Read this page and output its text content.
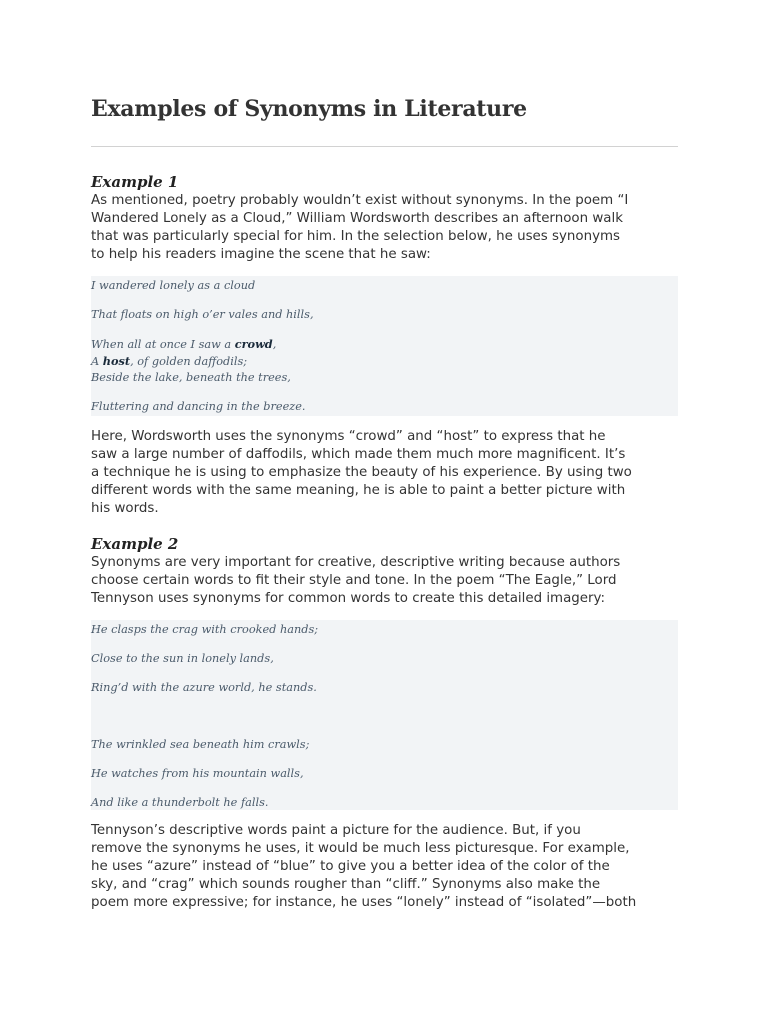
Examples of Synonyms in Literature
Example 1

As mentioned, poetry probably wouldn’t exist without synonyms. In the poem “I
Wandered Lonely as a Cloud,” William Wordsworth describes an afternoon walk
that was particularly special for him. In the selection below, he uses synonyms
to help his readers imagine the scene that he saw:

I wandered lonely as a cloud
That floats on high o’er vales and hills,
When all at once I saw a crowd,
A host, of golden daffodils;
Beside the lake, beneath the trees,
Fluttering and dancing in the breeze.

Here, Wordsworth uses the synonyms “crowd” and “host” to express that he
saw a large number of daffodils, which made them much more magnificent. It’s
a technique he is using to emphasize the beauty of his experience. By using two
different words with the same meaning, he is able to paint a better picture with
his words.

Example 2

Synonyms are very important for creative, descriptive writing because authors
choose certain words to fit their style and tone. In the poem “The Eagle,” Lord
Tennyson uses synonyms for common words to create this detailed imagery:

He clasps the crag with crooked hands;
Close to the sun in lonely lands,
Ring’d with the azure world, he stands.
The wrinkled sea beneath him crawls;
He watches from his mountain walls,
And like a thunderbolt he falls.

Tennyson’s descriptive words paint a picture for the audience. But, if you
remove the synonyms he uses, it would be much less picturesque. For example,
he uses “azure” instead of “blue” to give you a better idea of the color of the
sky, and “crag” which sounds rougher than “cliff.” Synonyms also make the
poem more expressive; for instance, he uses “lonely” instead of “isolated”—both
